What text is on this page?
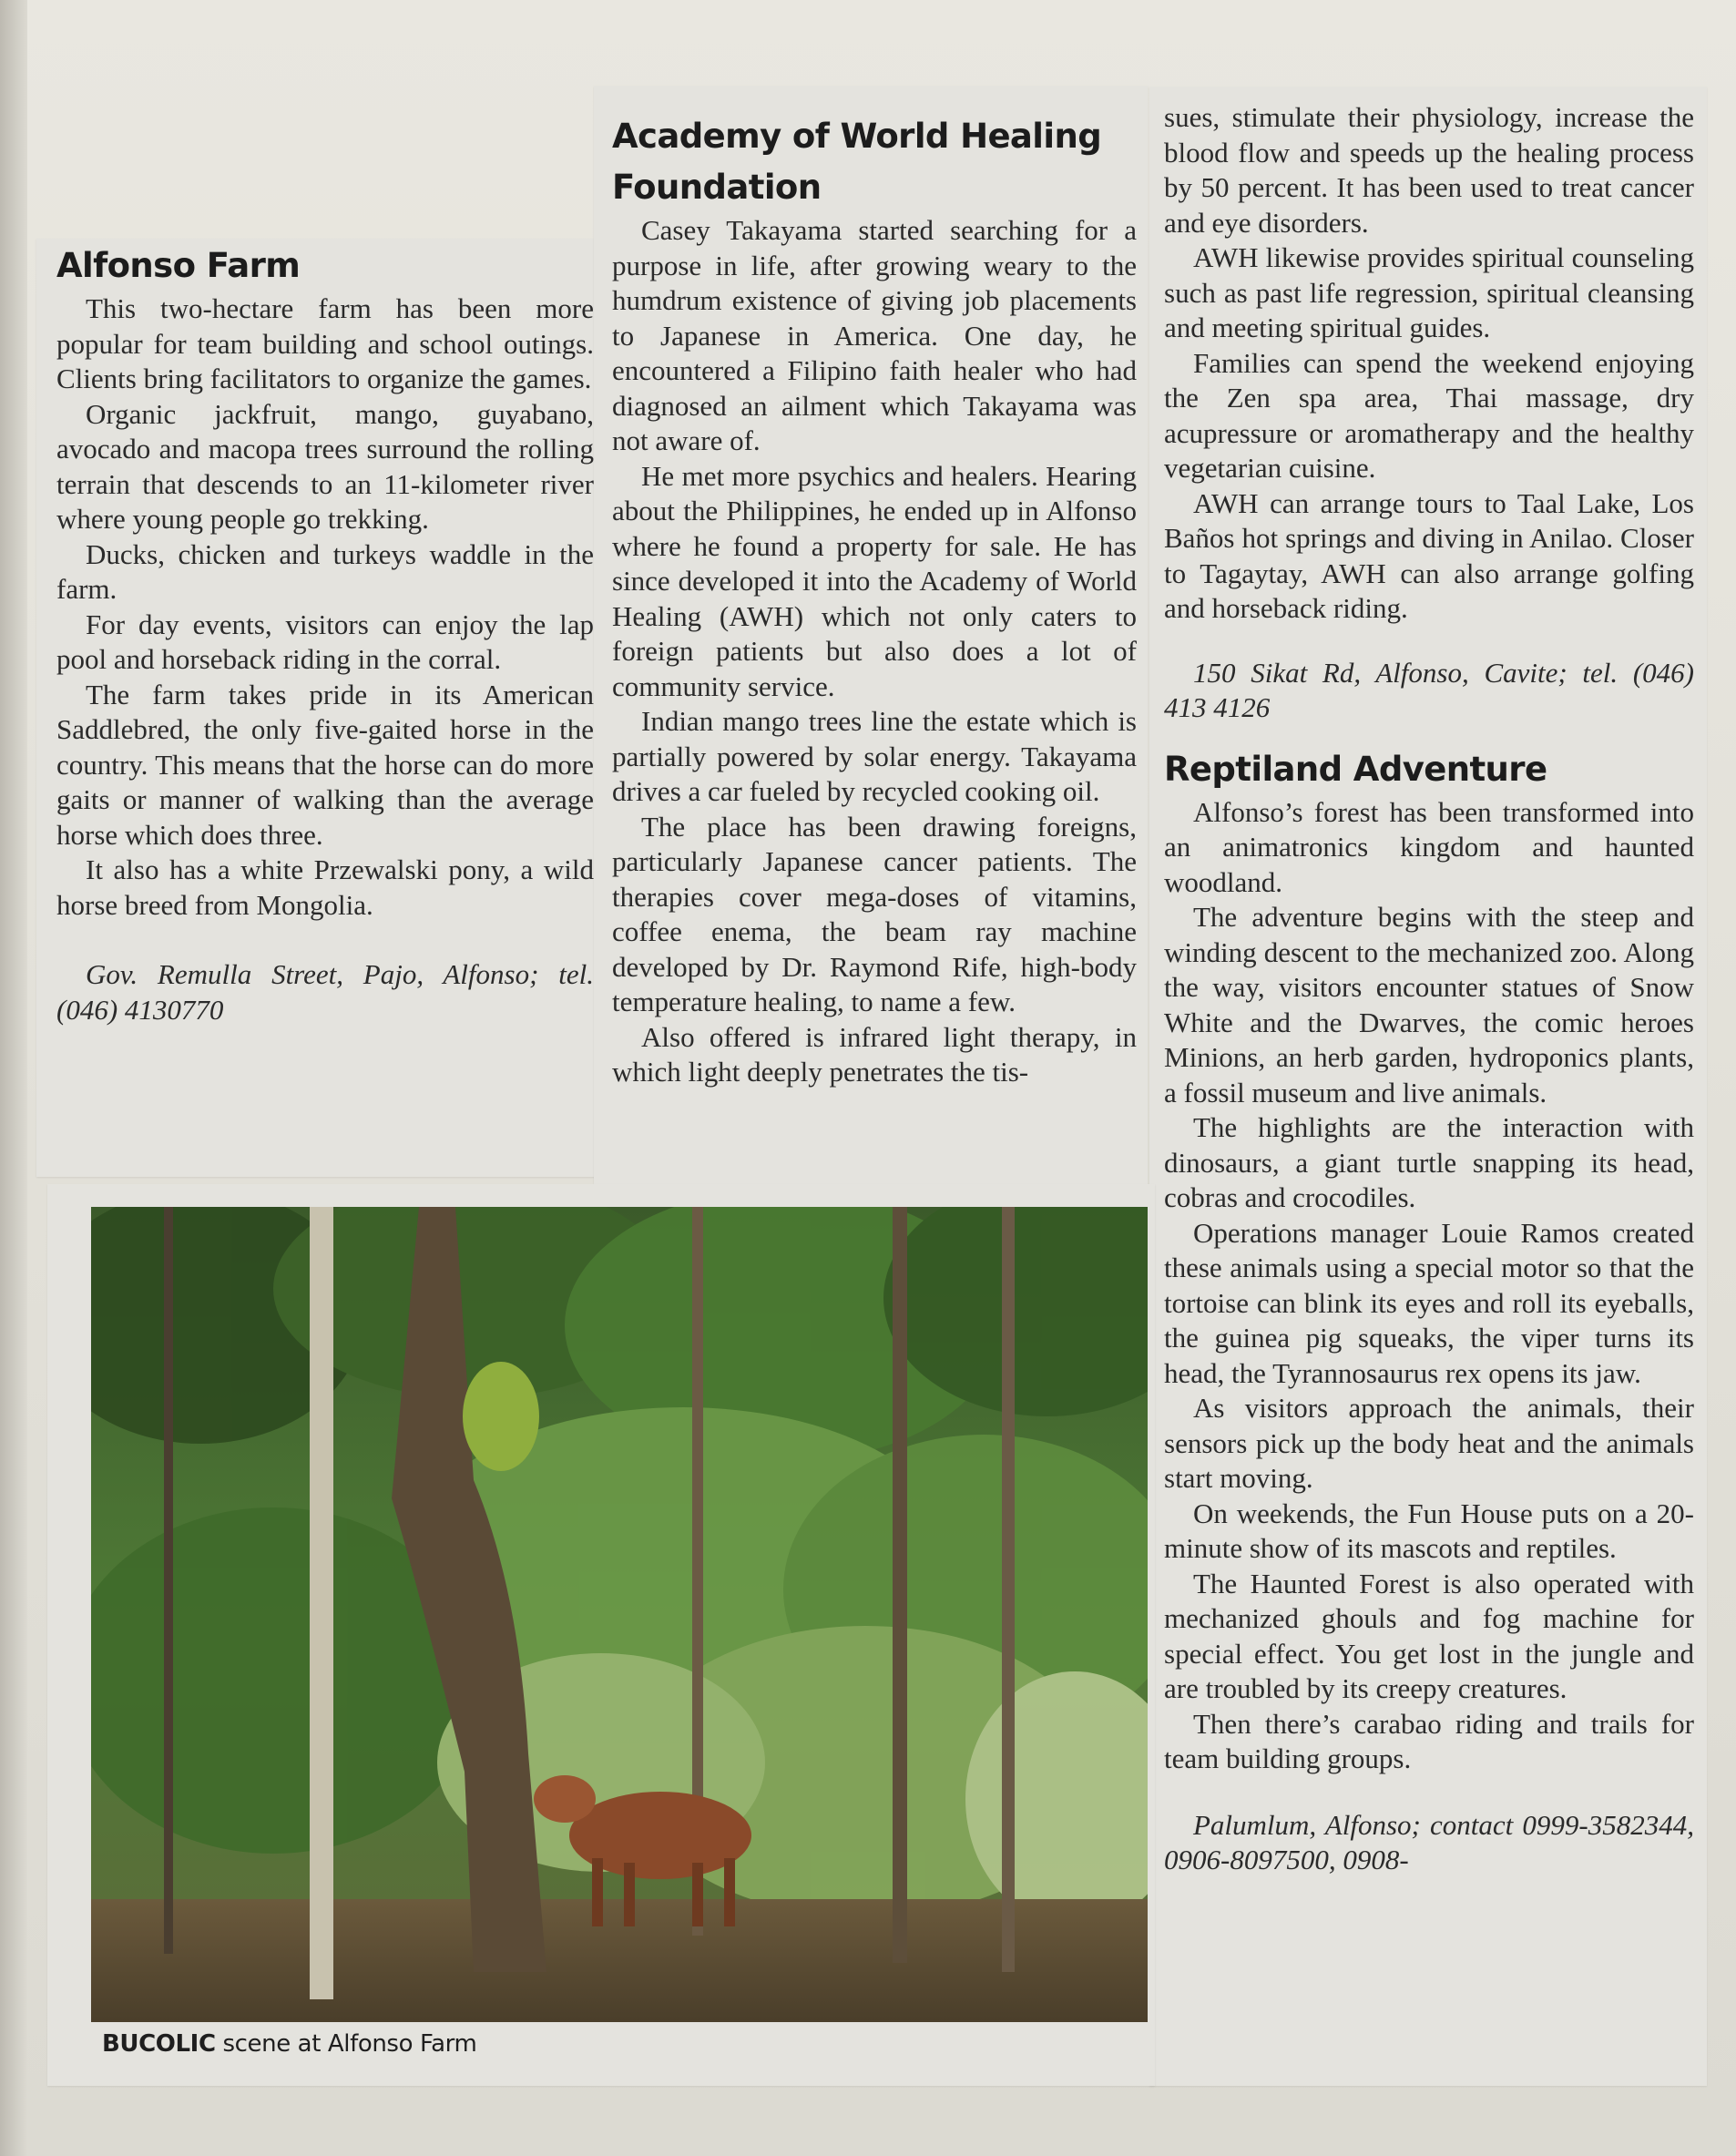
Alfonso Farm

This two-hectare farm has been more popular for team building and school outings. Clients bring facilitators to organize the games.

Organic jackfruit, mango, guyabano, avocado and macopa trees surround the rolling terrain that descends to an 11-kilometer river where young people go trekking.

Ducks, chicken and turkeys waddle in the farm.

For day events, visitors can enjoy the lap pool and horseback riding in the corral.

The farm takes pride in its American Saddlebred, the only five-gaited horse in the country. This means that the horse can do more gaits or manner of walking than the average horse which does three.

It also has a white Przewalski pony, a wild horse breed from Mongolia.

Gov. Remulla Street, Pajo, Alfonso; tel. (046) 4130770

Academy of World Healing Foundation

Casey Takayama started searching for a purpose in life, after growing weary to the humdrum existence of giving job placements to Japanese in America. One day, he encountered a Filipino faith healer who had diagnosed an ailment which Takayama was not aware of.

He met more psychics and healers. Hearing about the Philippines, he ended up in Alfonso where he found a property for sale. He has since developed it into the Academy of World Healing (AWH) which not only caters to foreign patients but also does a lot of community service.

Indian mango trees line the estate which is partially powered by solar energy. Takayama drives a car fueled by recycled cooking oil.

The place has been drawing foreigns, particularly Japanese cancer patients. The therapies cover mega-doses of vitamins, coffee enema, the beam ray machine developed by Dr. Raymond Rife, high-body temperature healing, to name a few.

Also offered is infrared light therapy, in which light deeply penetrates the tis-

sues, stimulate their physiology, increase the blood flow and speeds up the healing process by 50 percent. It has been used to treat cancer and eye disorders.

AWH likewise provides spiritual counseling such as past life regression, spiritual cleansing and meeting spiritual guides.

Families can spend the weekend enjoying the Zen spa area, Thai massage, dry acupressure or aromatherapy and the healthy vegetarian cuisine.

AWH can arrange tours to Taal Lake, Los Baños hot springs and diving in Anilao. Closer to Tagaytay, AWH can also arrange golfing and horseback riding.

150 Sikat Rd, Alfonso, Cavite; tel. (046) 413 4126

Reptiland Adventure

Alfonso’s forest has been transformed into an animatronics kingdom and haunted woodland.

The adventure begins with the steep and winding descent to the mechanized zoo. Along the way, visitors encounter statues of Snow White and the Dwarves, the comic heroes Minions, an herb garden, hydroponics plants, a fossil museum and live animals.

The highlights are the interaction with dinosaurs, a giant turtle snapping its head, cobras and crocodiles.

Operations manager Louie Ramos created these animals using a special motor so that the tortoise can blink its eyes and roll its eyeballs, the guinea pig squeaks, the viper turns its head, the Tyrannosaurus rex opens its jaw.

As visitors approach the animals, their sensors pick up the body heat and the animals start moving.

On weekends, the Fun House puts on a 20-minute show of its mascots and reptiles.

The Haunted Forest is also operated with mechanized ghouls and fog machine for special effect. You get lost in the jungle and are troubled by its creepy creatures.

Then there’s carabao riding and trails for team building groups.

Palumlum, Alfonso; contact 0999-3582344, 0906-8097500, 0908-

BUCOLIC scene at Alfonso Farm
